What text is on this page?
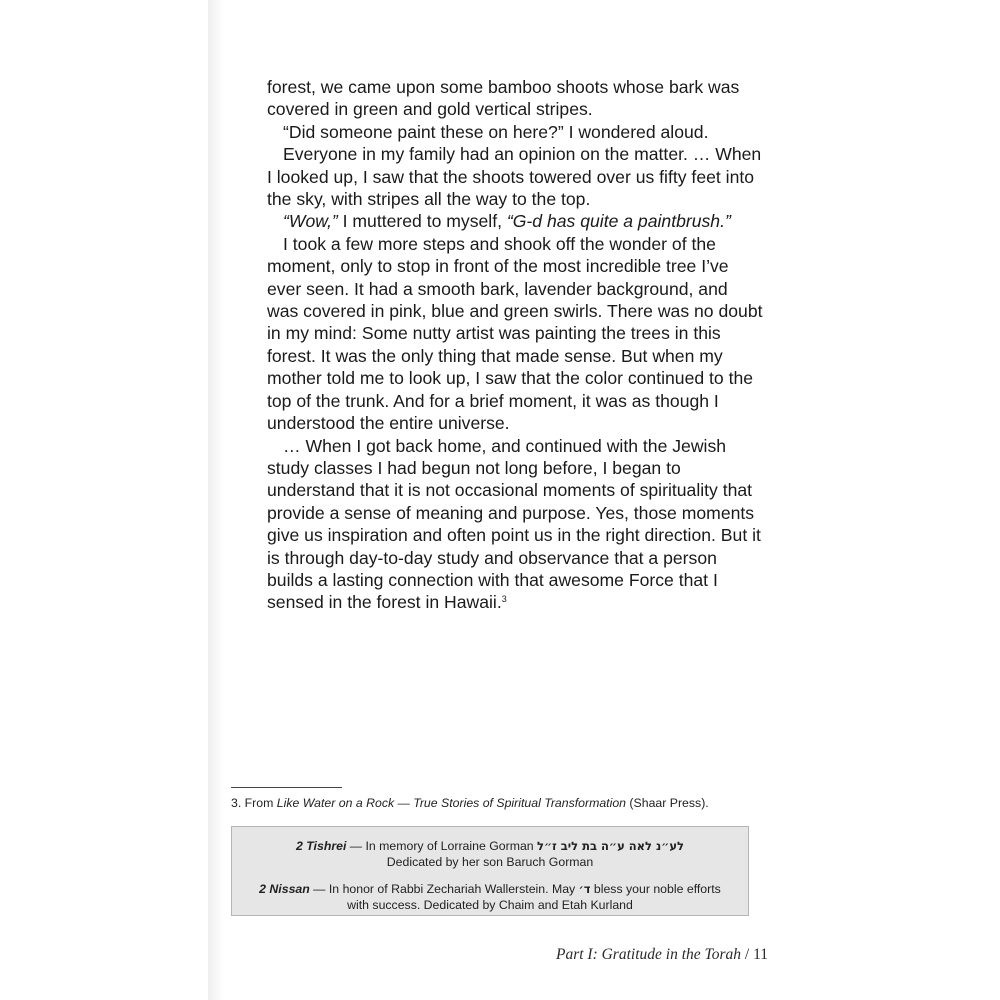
forest, we came upon some bamboo shoots whose bark was covered in green and gold vertical stripes.

“Did someone paint these on here?” I wondered aloud.

Everyone in my family had an opinion on the matter. … When I looked up, I saw that the shoots towered over us fifty feet into the sky, with stripes all the way to the top.

“Wow,” I muttered to myself, “G-d has quite a paintbrush.”

I took a few more steps and shook off the wonder of the moment, only to stop in front of the most incredible tree I’ve ever seen. It had a smooth bark, lavender background, and was covered in pink, blue and green swirls. There was no doubt in my mind: Some nutty artist was painting the trees in this forest. It was the only thing that made sense. But when my mother told me to look up, I saw that the color continued to the top of the trunk. And for a brief moment, it was as though I understood the entire universe.

… When I got back home, and continued with the Jewish study classes I had begun not long before, I began to understand that it is not occasional moments of spirituality that provide a sense of meaning and purpose. Yes, those moments give us inspiration and often point us in the right direction. But it is through day-to-day study and observance that a person builds a lasting connection with that awesome Force that I sensed in the forest in Hawaii.$^3$

3. From Like Water on a Rock — True Stories of Spiritual Transformation (Shaar Press).
2 Tishrei — In memory of Lorraine Gorman לע״נ לאה ע״ה בת ליב ז״ל
Dedicated by her son Baruch Gorman
2 Nissan — In honor of Rabbi Zechariah Wallerstein. May ד׳ bless your noble efforts
with success. Dedicated by Chaim and Etah Kurland
Part I: Gratitude in the Torah / 11
